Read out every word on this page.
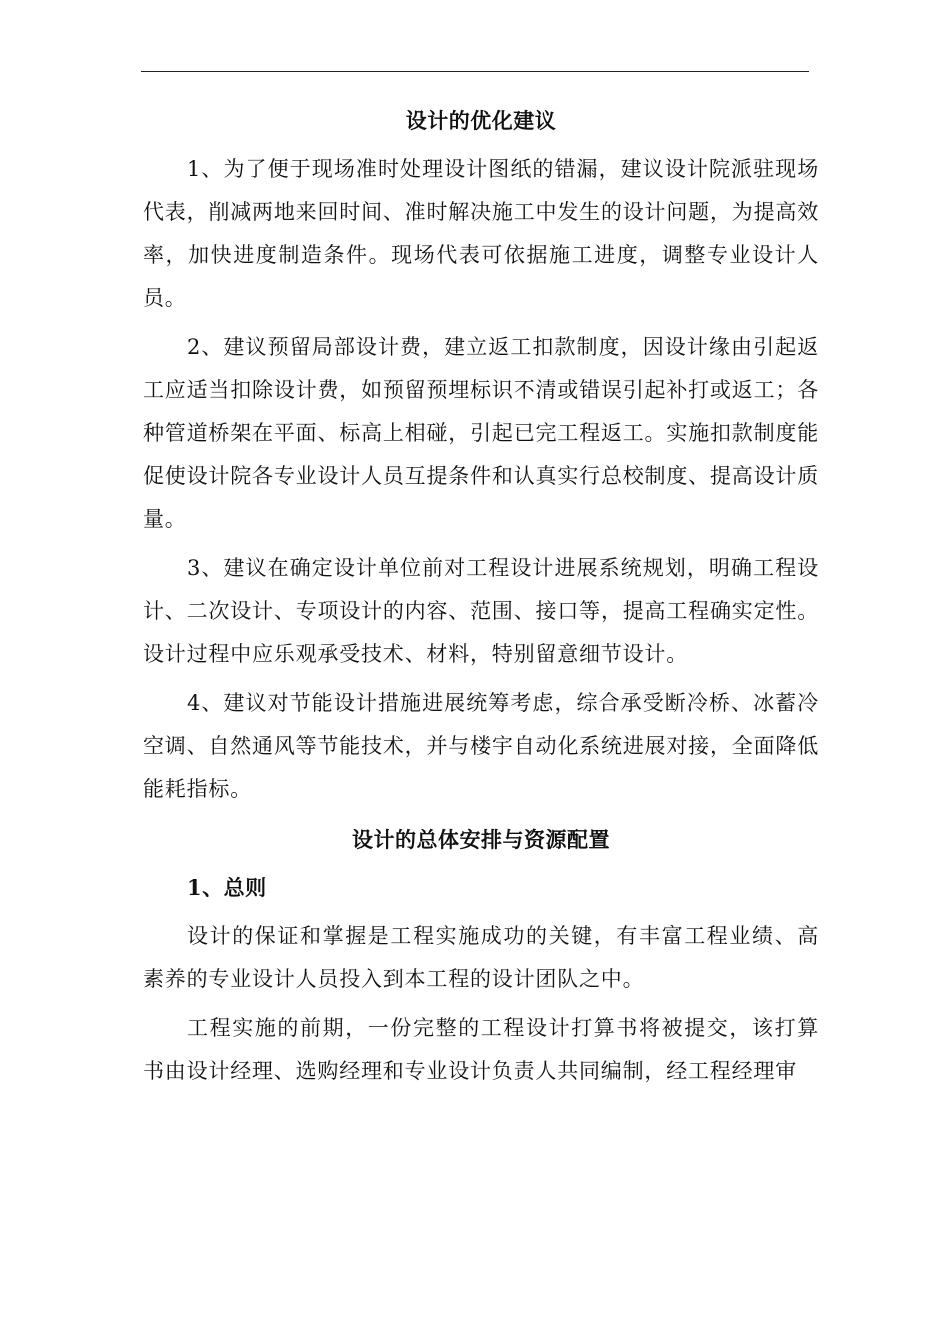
设计的优化建议

1、为了便于现场准时处理设计图纸的错漏，建议设计院派驻现场代表，削减两地来回时间、准时解决施工中发生的设计问题，为提高效率，加快进度制造条件。现场代表可依据施工进度，调整专业设计人员。

2、建议预留局部设计费，建立返工扣款制度，因设计缘由引起返工应适当扣除设计费，如预留预埋标识不清或错误引起补打或返工；各种管道桥架在平面、标高上相碰，引起已完工程返工。实施扣款制度能促使设计院各专业设计人员互提条件和认真实行总校制度、提高设计质量。

3、建议在确定设计单位前对工程设计进展系统规划，明确工程设计、二次设计、专项设计的内容、范围、接口等，提高工程确实定性。设计过程中应乐观承受技术、材料，特别留意细节设计。

4、建议对节能设计措施进展统筹考虑，综合承受断冷桥、冰蓄冷空调、自然通风等节能技术，并与楼宇自动化系统进展对接，全面降低能耗指标。

设计的总体安排与资源配置

1、总则

设计的保证和掌握是工程实施成功的关键，有丰富工程业绩、高素养的专业设计人员投入到本工程的设计团队之中。

工程实施的前期，一份完整的工程设计打算书将被提交，该打算书由设计经理、选购经理和专业设计负责人共同编制，经工程经理审
